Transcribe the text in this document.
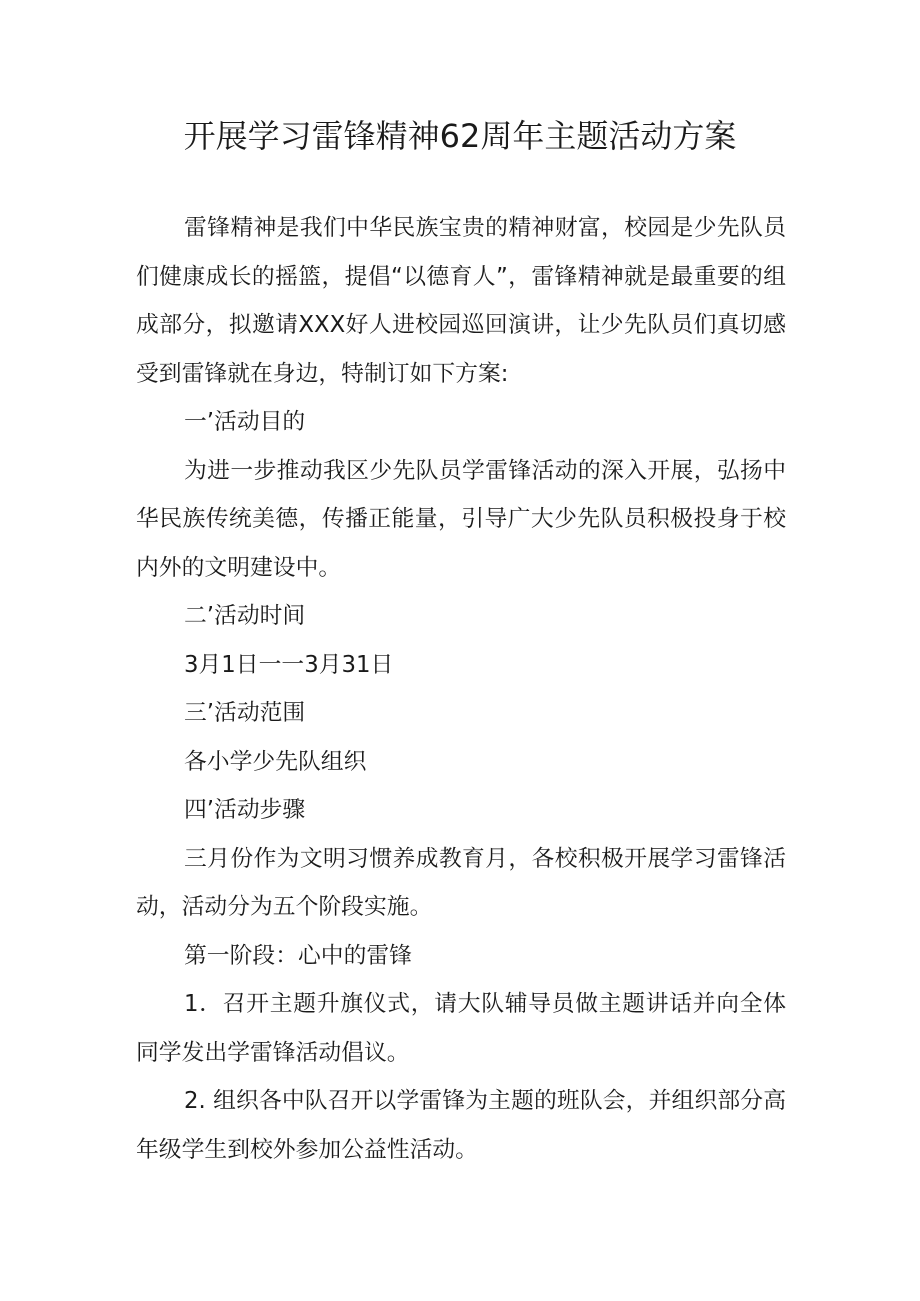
开展学习雷锋精神62周年主题活动方案

雷锋精神是我们中华民族宝贵的精神财富，校园是少先队员们健康成长的摇篮，提倡“以德育人”，雷锋精神就是最重要的组成部分，拟邀请XXX好人进校园巡回演讲，让少先队员们真切感受到雷锋就在身边，特制订如下方案:

一’活动目的

为进一步推动我区少先队员学雷锋活动的深入开展，弘扬中华民族传统美德，传播正能量，引导广大少先队员积极投身于校内外的文明建设中。

二’活动时间

3月1日一一3月31日

三’活动范围

各小学少先队组织

四’活动步骤

三月份作为文明习惯养成教育月，各校积极开展学习雷锋活动，活动分为五个阶段实施。

第一阶段：心中的雷锋

1．召开主题升旗仪式，请大队辅导员做主题讲话并向全体同学发出学雷锋活动倡议。

2. 组织各中队召开以学雷锋为主题的班队会，并组织部分高年级学生到校外参加公益性活动。
